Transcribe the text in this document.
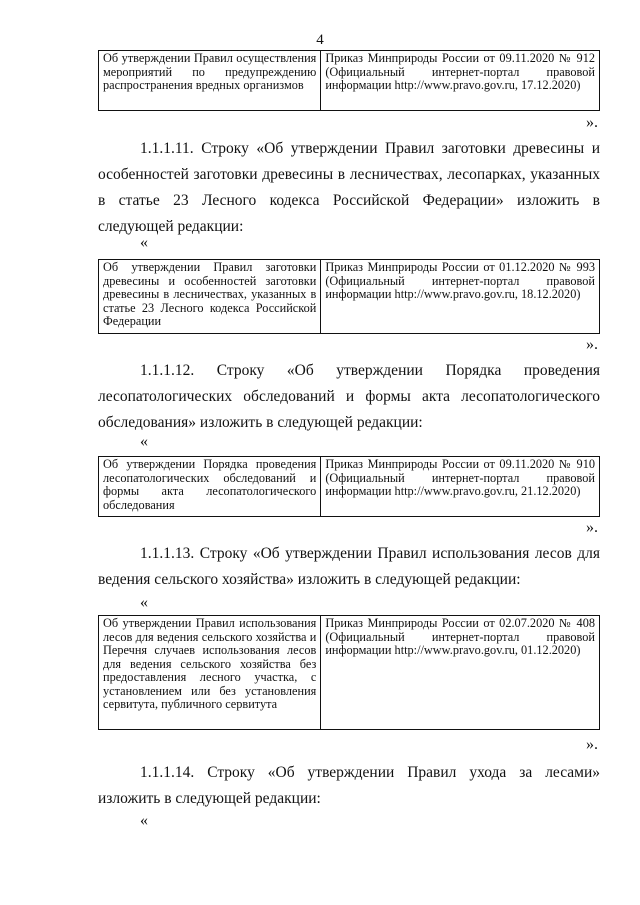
4
Об утверждении Правил осуществления мероприятий по предупреждению распространения вредных организмов	Приказ Минприроды России от 09.11.2020 № 912 (Официальный интернет-портал правовой информации http://www.pravo.gov.ru, 17.12.2020)
».
1.1.1.11. Строку «Об утверждении Правил заготовки древесины и особенностей заготовки древесины в лесничествах, лесопарках, указанных в статье 23 Лесного кодекса Российской Федерации» изложить в следующей редакции:
«
Об утверждении Правил заготовки древесины и особенностей заготовки древесины в лесничествах, указанных в статье 23 Лесного кодекса Российской Федерации	Приказ Минприроды России от 01.12.2020 № 993 (Официальный интернет-портал правовой информации http://www.pravo.gov.ru, 18.12.2020)
».
1.1.1.12. Строку «Об утверждении Порядка проведения лесопатологических обследований и формы акта лесопатологического обследования» изложить в следующей редакции:
«
Об утверждении Порядка проведения лесопатологических обследований и формы акта лесопатологического обследования	Приказ Минприроды России от 09.11.2020 № 910 (Официальный интернет-портал правовой информации http://www.pravo.gov.ru, 21.12.2020)
».
1.1.1.13. Строку «Об утверждении Правил использования лесов для ведения сельского хозяйства» изложить в следующей редакции:
«
Об утверждении Правил использования лесов для ведения сельского хозяйства и Перечня случаев использования лесов для ведения сельского хозяйства без предоставления лесного участка, с установлением или без установления сервитута, публичного сервитута	Приказ Минприроды России от 02.07.2020 № 408 (Официальный интернет-портал правовой информации http://www.pravo.gov.ru, 01.12.2020)
».
1.1.1.14. Строку «Об утверждении Правил ухода за лесами» изложить в следующей редакции:
«
